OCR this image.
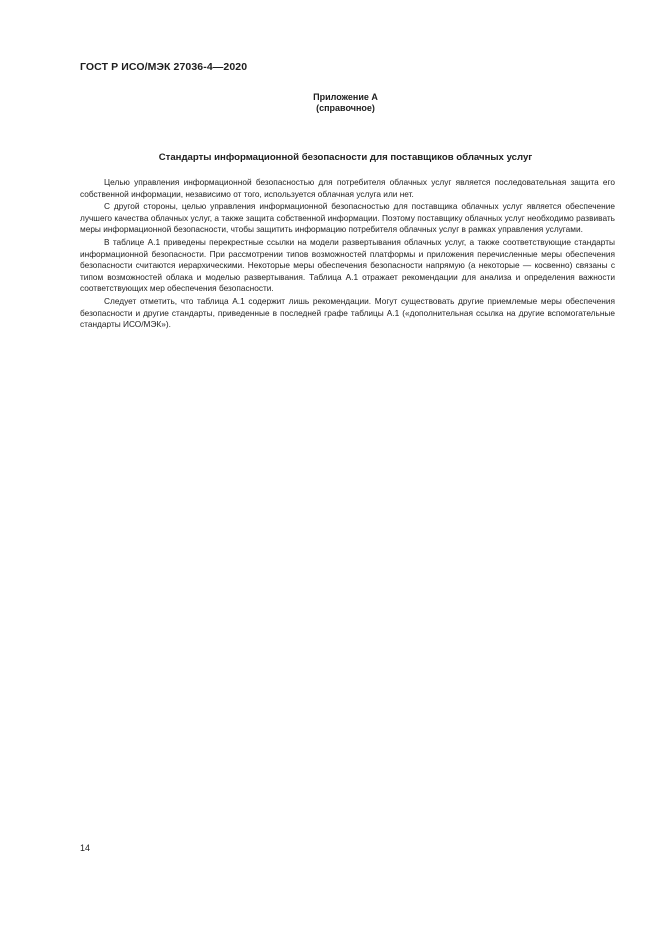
ГОСТ Р ИСО/МЭК 27036-4—2020
Приложение А
(справочное)
Стандарты информационной безопасности для поставщиков облачных услуг

Целью управления информационной безопасностью для потребителя облачных услуг является последовательная защита его собственной информации, независимо от того, используется облачная услуга или нет.

С другой стороны, целью управления информационной безопасностью для поставщика облачных услуг является обеспечение лучшего качества облачных услуг, а также защита собственной информации. Поэтому поставщику облачных услуг необходимо развивать меры информационной безопасности, чтобы защитить информацию потребителя облачных услуг в рамках управления услугами.

В таблице А.1 приведены перекрестные ссылки на модели развертывания облачных услуг, а также соответствующие стандарты информационной безопасности. При рассмотрении типов возможностей платформы и приложения перечисленные меры обеспечения безопасности считаются иерархическими. Некоторые меры обеспечения безопасности напрямую (а некоторые — косвенно) связаны с типом возможностей облака и моделью развертывания. Таблица А.1 отражает рекомендации для анализа и определения важности соответствующих мер обеспечения безопасности.

Следует отметить, что таблица А.1 содержит лишь рекомендации. Могут существовать другие приемлемые меры обеспечения безопасности и другие стандарты, приведенные в последней графе таблицы А.1 («дополнительная ссылка на другие вспомогательные стандарты ИСО/МЭК»).

14
